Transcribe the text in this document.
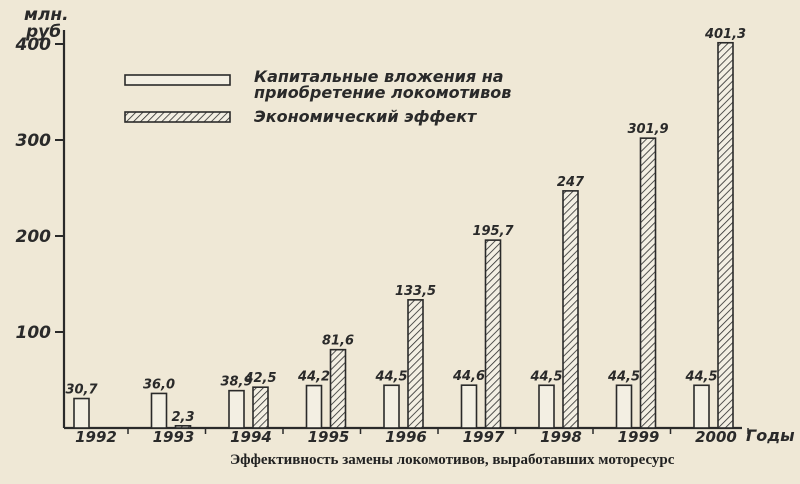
100
200
300
400
1992 1993 1994 1995 1996 1997 1998 1999 2000
30,7	36,0
2,3
38,9
42,5 44,2
81,6
44,5
133,5
44,6
195,7
44,5
247
44,5
301,9
44,5
401,3
млн.
руб
Годы
Капитальные вложения на
приобретение локомотивов
Экономический эффект
Эффективность замены локомотивов, выработавших моторесурс
